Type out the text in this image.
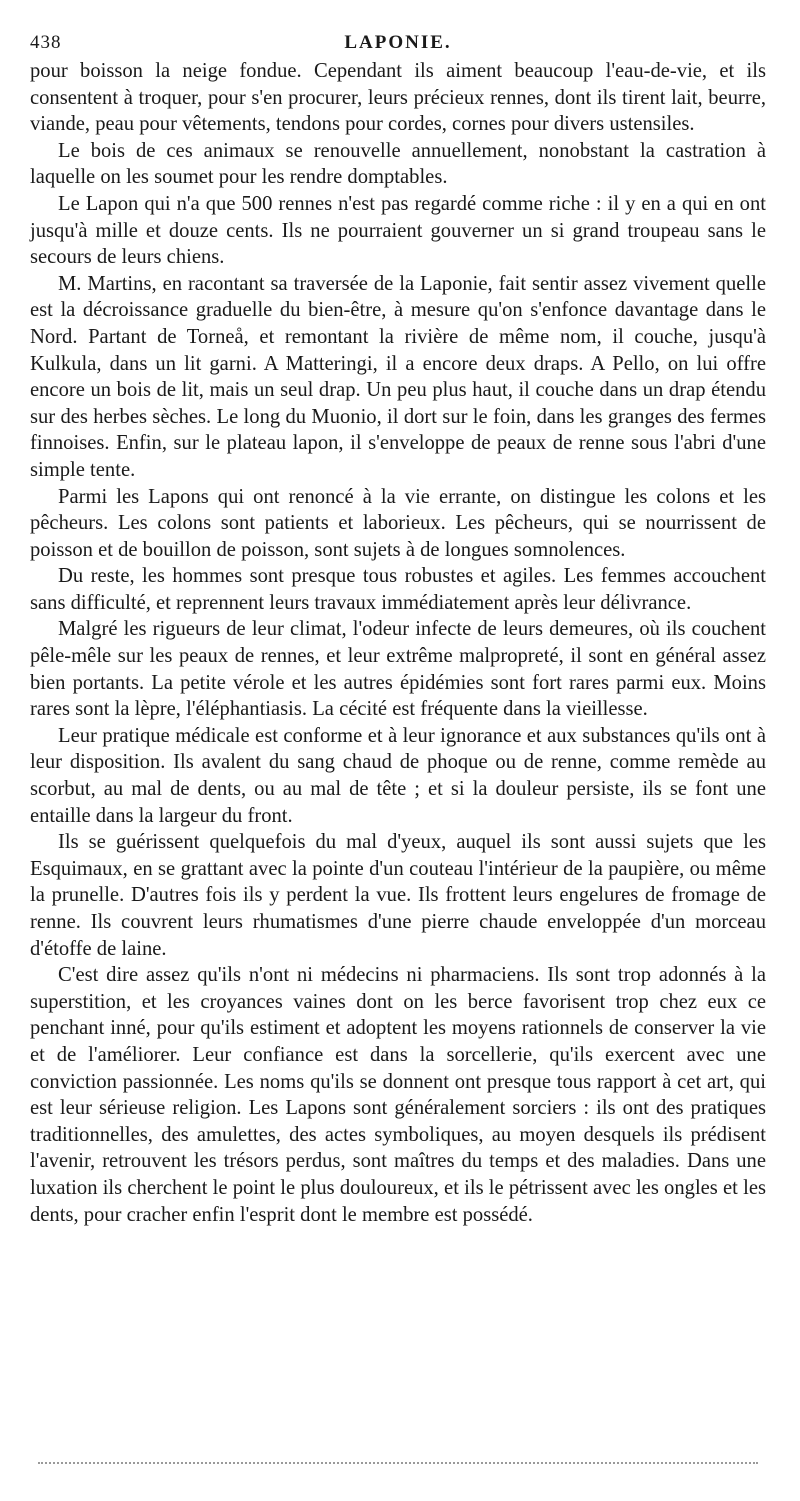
438	LAPONIE.

pour boisson la neige fondue. Cependant ils aiment beaucoup l'eau-de-vie, et ils consentent à troquer, pour s'en procurer, leurs précieux rennes, dont ils tirent lait, beurre, viande, peau pour vêtements, tendons pour cordes, cornes pour divers ustensiles.

Le bois de ces animaux se renouvelle annuellement, nonobstant la castration à laquelle on les soumet pour les rendre domptables.

Le Lapon qui n'a que 500 rennes n'est pas regardé comme riche : il y en a qui en ont jusqu'à mille et douze cents. Ils ne pourraient gouverner un si grand troupeau sans le secours de leurs chiens.

M. Martins, en racontant sa traversée de la Laponie, fait sentir assez vivement quelle est la décroissance graduelle du bien-être, à mesure qu'on s'enfonce davantage dans le Nord. Partant de Torneå, et remontant la rivière de même nom, il couche, jusqu'à Kulkula, dans un lit garni. A Matteringi, il a encore deux draps. A Pello, on lui offre encore un bois de lit, mais un seul drap. Un peu plus haut, il couche dans un drap étendu sur des herbes sèches. Le long du Muonio, il dort sur le foin, dans les granges des fermes finnoises. Enfin, sur le plateau lapon, il s'enveloppe de peaux de renne sous l'abri d'une simple tente.

Parmi les Lapons qui ont renoncé à la vie errante, on distingue les colons et les pêcheurs. Les colons sont patients et laborieux. Les pêcheurs, qui se nourrissent de poisson et de bouillon de poisson, sont sujets à de longues somnolences.

Du reste, les hommes sont presque tous robustes et agiles. Les femmes accouchent sans difficulté, et reprennent leurs travaux immédiatement après leur délivrance.

Malgré les rigueurs de leur climat, l'odeur infecte de leurs demeures, où ils couchent pêle-mêle sur les peaux de rennes, et leur extrême malpropreté, il sont en général assez bien portants. La petite vérole et les autres épidémies sont fort rares parmi eux. Moins rares sont la lèpre, l'éléphantiasis. La cécité est fréquente dans la vieillesse.

Leur pratique médicale est conforme et à leur ignorance et aux substances qu'ils ont à leur disposition. Ils avalent du sang chaud de phoque ou de renne, comme remède au scorbut, au mal de dents, ou au mal de tête ; et si la douleur persiste, ils se font une entaille dans la largeur du front.

Ils se guérissent quelquefois du mal d'yeux, auquel ils sont aussi sujets que les Esquimaux, en se grattant avec la pointe d'un couteau l'intérieur de la paupière, ou même la prunelle. D'autres fois ils y perdent la vue. Ils frottent leurs engelures de fromage de renne. Ils couvrent leurs rhumatismes d'une pierre chaude enveloppée d'un morceau d'étoffe de laine.

C'est dire assez qu'ils n'ont ni médecins ni pharmaciens. Ils sont trop adonnés à la superstition, et les croyances vaines dont on les berce favorisent trop chez eux ce penchant inné, pour qu'ils estiment et adoptent les moyens rationnels de conserver la vie et de l'améliorer. Leur confiance est dans la sorcellerie, qu'ils exercent avec une conviction passionnée. Les noms qu'ils se donnent ont presque tous rapport à cet art, qui est leur sérieuse religion. Les Lapons sont généralement sorciers : ils ont des pratiques traditionnelles, des amulettes, des actes symboliques, au moyen desquels ils prédisent l'avenir, retrouvent les trésors perdus, sont maîtres du temps et des maladies. Dans une luxation ils cherchent le point le plus douloureux, et ils le pétrissent avec les ongles et les dents, pour cracher enfin l'esprit dont le membre est possédé.
